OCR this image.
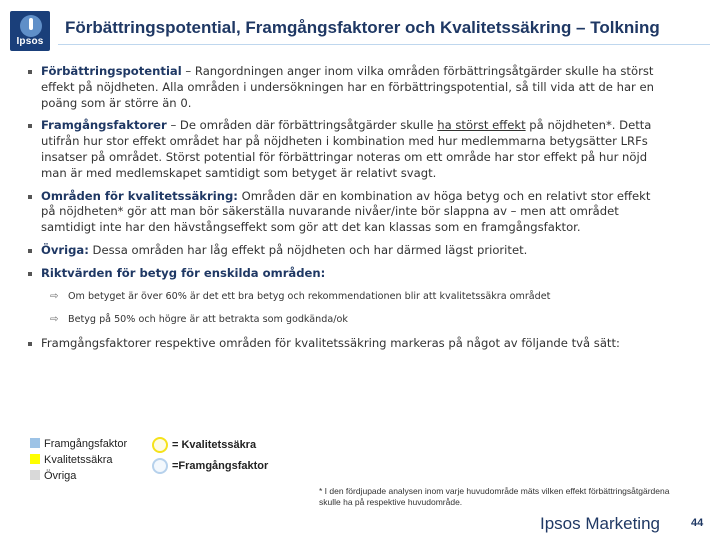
Ipsos
Förbättringspotential, Framgångsfaktorer och Kvalitetssäkring – Tolkning
Förbättringspotential – Rangordningen anger inom vilka områden förbättringsåtgärder skulle ha störst effekt på nöjdheten. Alla områden i undersökningen har en förbättringspotential, så till vida att de har en poäng som är större än 0.
Framgångsfaktorer – De områden där förbättringsåtgärder skulle ha störst effekt på nöjdheten*. Detta utifrån hur stor effekt området har på nöjdheten i kombination med hur medlemmarna betygsätter LRFs insatser på området. Störst potential för förbättringar noteras om ett område har stor effekt på hur nöjd man är med medlemskapet samtidigt som betyget är relativt svagt.
Områden för kvalitetssäkring: Områden där en kombination av höga betyg och en relativt stor effekt på nöjdheten* gör att man bör säkerställa nuvarande nivåer/inte bör slappna av – men att området samtidigt inte har den hävstångseffekt som gör att det kan klassas som en framgångsfaktor.
Övriga: Dessa områden har låg effekt på nöjdheten och har därmed lägst prioritet.
Riktvärden för betyg för enskilda områden:
⇨ Om betyget är över 60% är det ett bra betyg och rekommendationen blir att kvalitetssäkra området
⇨ Betyg på 50% och högre är att betrakta som godkända/ok
Framgångsfaktorer respektive områden för kvalitetssäkring markeras på något av följande två sätt:
Framgångsfaktor
Kvalitetssäkra
Övriga
= Kvalitetssäkra
=Framgångsfaktor
* I den fördjupade analysen inom varje huvudområde mäts vilken effekt förbättringsåtgärdena skulle ha på respektive huvudområde.
Ipsos Marketing	44
